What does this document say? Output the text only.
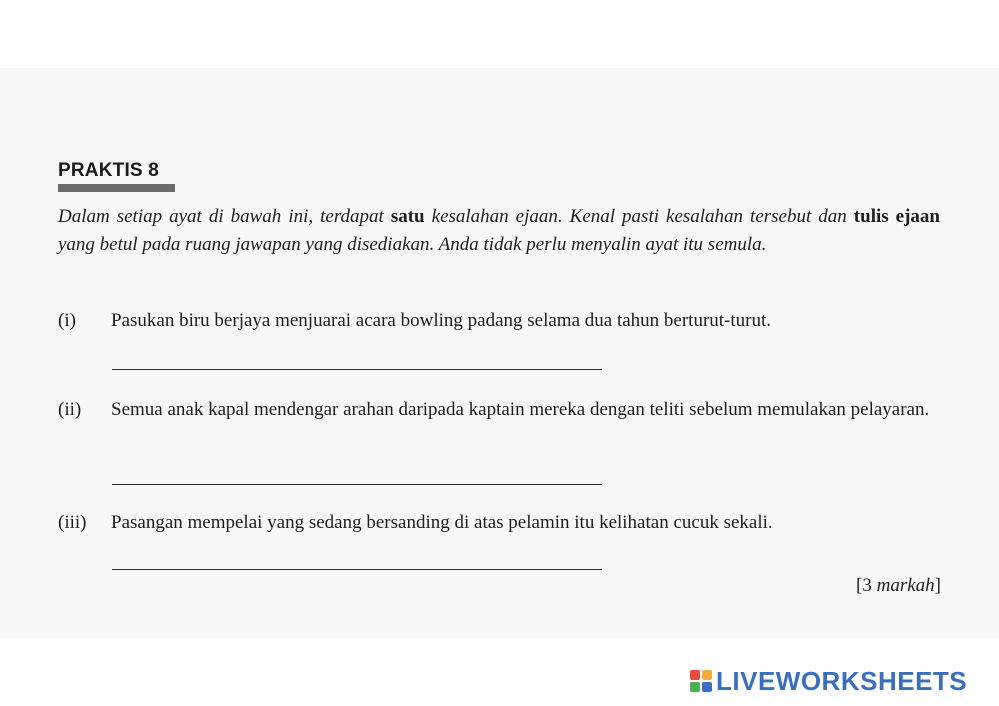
PRAKTIS 8
Dalam setiap ayat di bawah ini, terdapat satu kesalahan ejaan. Kenal pasti kesalahan tersebut dan tulis ejaan yang betul pada ruang jawapan yang disediakan. Anda tidak perlu menyalin ayat itu semula.
(i) Pasukan biru berjaya menjuarai acara bowling padang selama dua tahun berturut-turut.
(ii) Semua anak kapal mendengar arahan daripada kaptain mereka dengan teliti sebelum memulakan pelayaran.
(iii) Pasangan mempelai yang sedang bersanding di atas pelamin itu kelihatan cucuk sekali.
[3 markah]
LIVEWORKSHEETS
